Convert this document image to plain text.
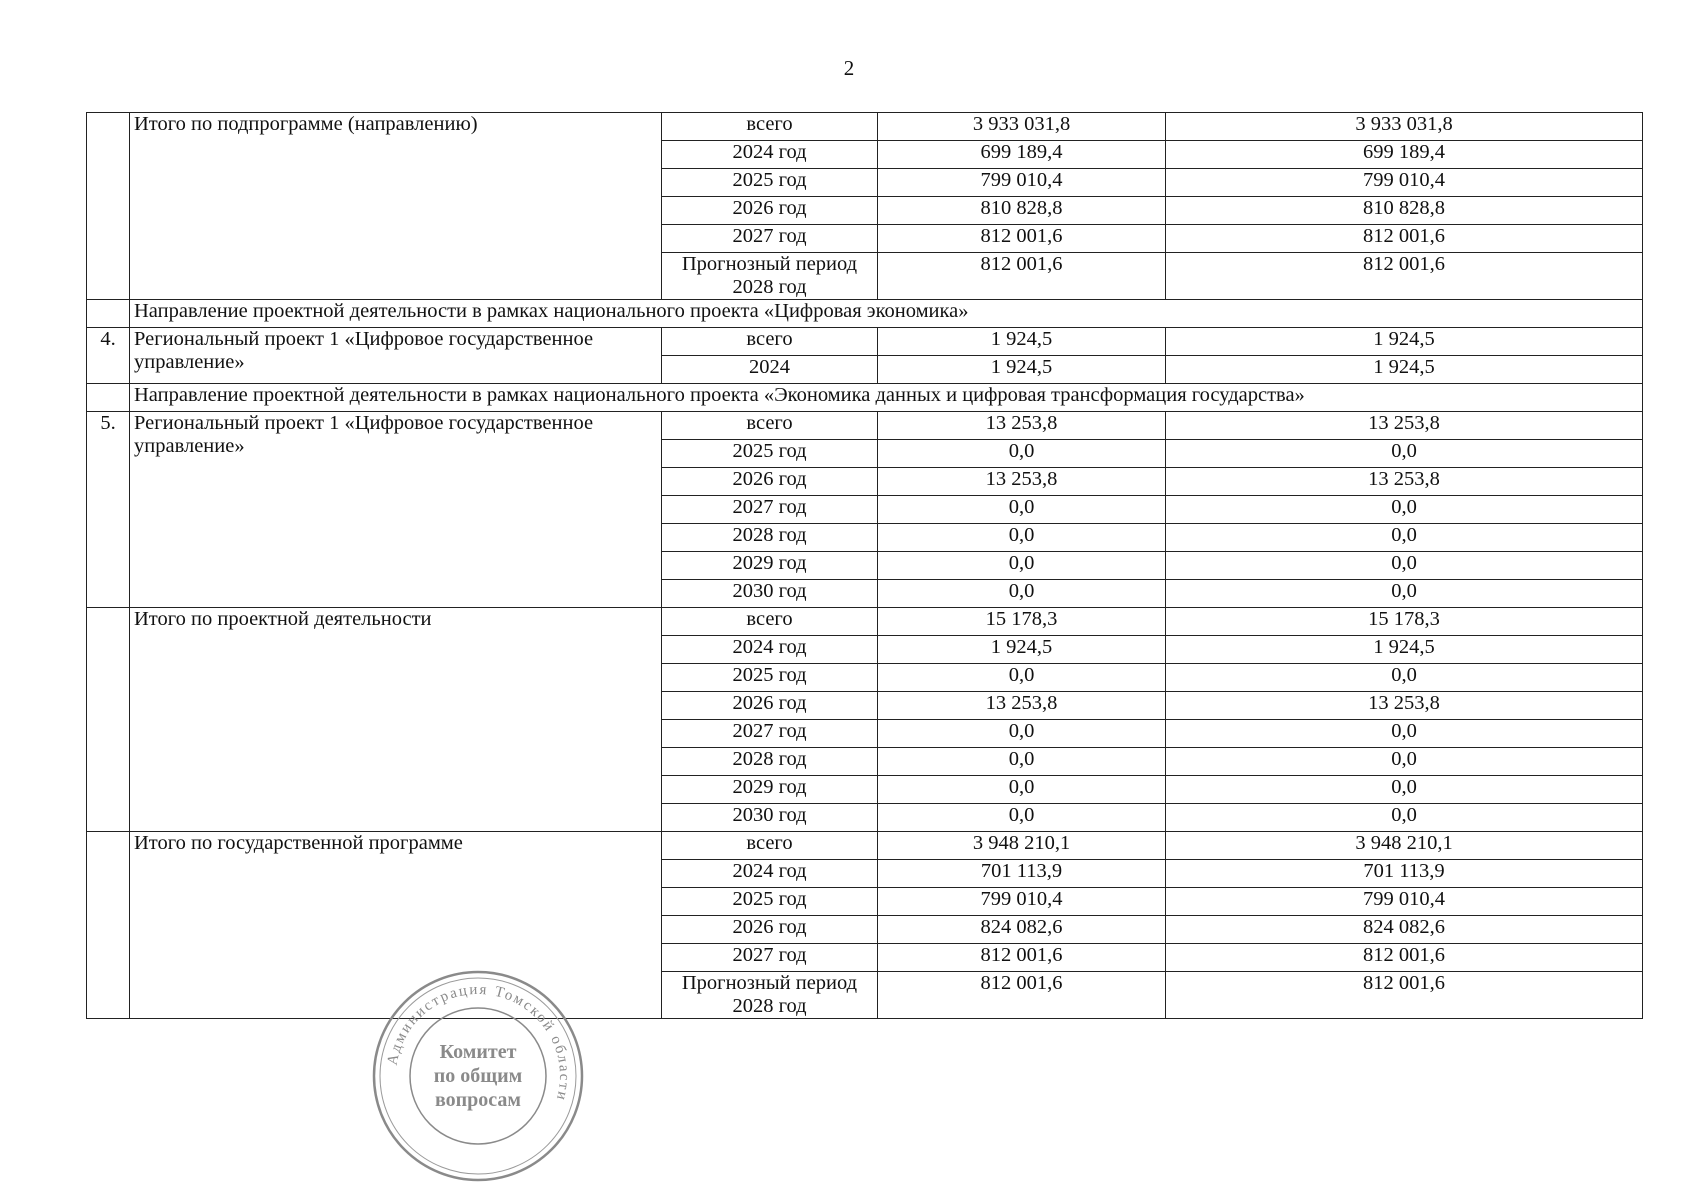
2
	Итого по подпрограмме (направлению)	всего	3 933 031,8	3 933 031,8
		2024 год	699 189,4	699 189,4
		2025 год	799 010,4	799 010,4
		2026 год	810 828,8	810 828,8
		2027 год	812 001,6	812 001,6
		Прогнозный период 2028 год	812 001,6	812 001,6
	Направление проектной деятельности в рамках национального проекта «Цифровая экономика»			
4.	Региональный проект 1 «Цифровое государственное управление»	всего	1 924,5	1 924,5
		2024	1 924,5	1 924,5
	Направление проектной деятельности в рамках национального проекта «Экономика данных и цифровая трансформация государства»			
5.	Региональный проект 1 «Цифровое государственное управление»	всего	13 253,8	13 253,8
		2025 год	0,0	0,0
		2026 год	13 253,8	13 253,8
		2027 год	0,0	0,0
		2028 год	0,0	0,0
		2029 год	0,0	0,0
		2030 год	0,0	0,0
	Итого по проектной деятельности	всего	15 178,3	15 178,3
		2024 год	1 924,5	1 924,5
		2025 год	0,0	0,0
		2026 год	13 253,8	13 253,8
		2027 год	0,0	0,0
		2028 год	0,0	0,0
		2029 год	0,0	0,0
		2030 год	0,0	0,0
	Итого по государственной программе	всего	3 948 210,1	3 948 210,1
		2024 год	701 113,9	701 113,9
		2025 год	799 010,4	799 010,4
		2026 год	824 082,6	824 082,6
		2027 год	812 001,6	812 001,6
		Прогнозный период 2028 год	812 001,6	812 001,6
Администрация Томской области
Комитет
по общим
вопросам
